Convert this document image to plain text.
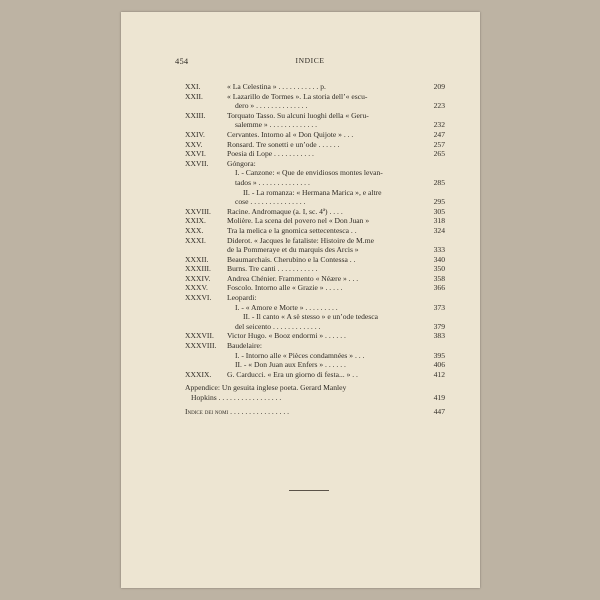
454	INDICE
XXI.	« La Celestina » . . . . . . . . . . . p.	209
XXII.	« Lazarillo de Tormes ». La storia dell’« escu-
dero » . . . . . . . . . . . . . .	223
XXIII.	Torquato Tasso. Su alcuni luoghi della « Geru-
salemme » . . . . . . . . . . . . .	232
XXIV.	Cervantes. Intorno al « Don Quijote » . . .	247
XXV.	Ronsard. Tre sonetti e un’ode . . . . . .	257
XXVI.	Poesia di Lope . . . . . . . . . . .	265
XXVII. Góngora:
I. - Canzone: « Que de envidiosos montes levan-
tados » . . . . . . . . . . . . . .	285
II. - La romanza: « Hermana Marica », e altre
cose . . . . . . . . . . . . . . .	295
XXVIII. Racine. Andromaque (a. I, sc. 4ª) . . . .	305
XXIX.	Molière. La scena del povero nel « Don Juan »	318
XXX.	Tra la melica e la gnomica settecentesca . .	324
XXXI.	Diderot. « Jacques le fataliste: Histoire de M.me
de la Pommeraye et du marquis des Arcis »	333
XXXII. Beaumarchais. Cherubino e la Contessa . .	340
XXXIII. Burns. Tre canti . . . . . . . . . . .	350
XXXIV. Andrea Chénier. Frammento « Néære » . . .	358
XXXV.	Foscolo. Intorno alle « Grazie » . . . . .	366
XXXVI. Leopardi:
I. - « Amore e Morte » . . . . . . . . .	373
II. - Il canto « A sè stesso » e un’ode tedesca
del seicento . . . . . . . . . . . . .	379
XXXVII. Victor Hugo. « Booz endormi » . . . . . .	383
XXXVIII. Baudelaire:
I. - Intorno alle « Pièces condamnées » . . .	395
II. - « Don Juan aux Enfers » . . . . . .	406
XXXIX. G. Carducci. « Era un giorno di festa... » . .	412
Appendice: Un gesuita inglese poeta. Gerard Manley
Hopkins . . . . . . . . . . . . . . . . .	419
Indice dei nomi . . . . . . . . . . . . . . . .	447
